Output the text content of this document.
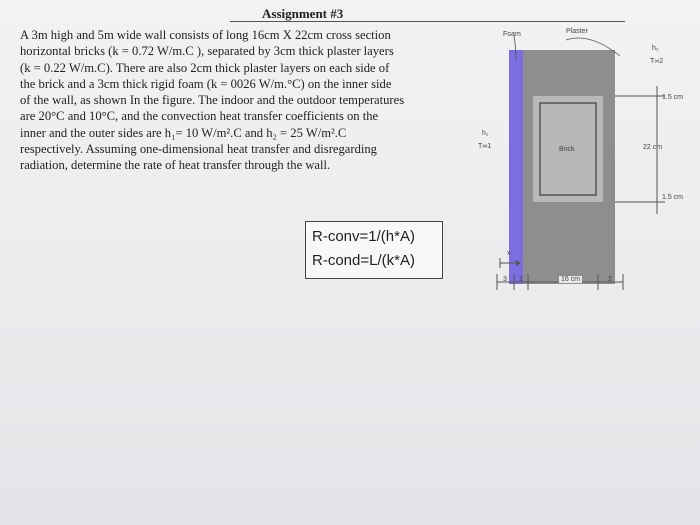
Assignment #3
A 3m high and 5m wide wall consists of long 16cm X 22cm cross section
horizontal bricks (k = 0.72 W/m.C ), separated by 3cm thick plaster layers
(k = 0.22 W/m.C). There are also 2cm thick plaster layers on each side of
the brick and a 3cm thick rigid foam (k = 0026 W/m.°C) on the inner side
of the wall, as shown In the figure. The indoor and the outdoor temperatures
are 20°C and 10°C, and the convection heat transfer coefficients on the
inner and the outer sides are h₁= 10 W/m².C and h₂ = 25 W/m².C
respectively. Assuming one-dimensional heat transfer and disregarding
radiation, determine the rate of heat transfer through the wall.
R-conv=1/(h*A)
R-cond=L/(k*A)
Foam	Plaster
Brick
h₂
T∞2
h₁
T∞1
1.5 cm
22 cm
1.5 cm
x
3 2	16 cm	2
